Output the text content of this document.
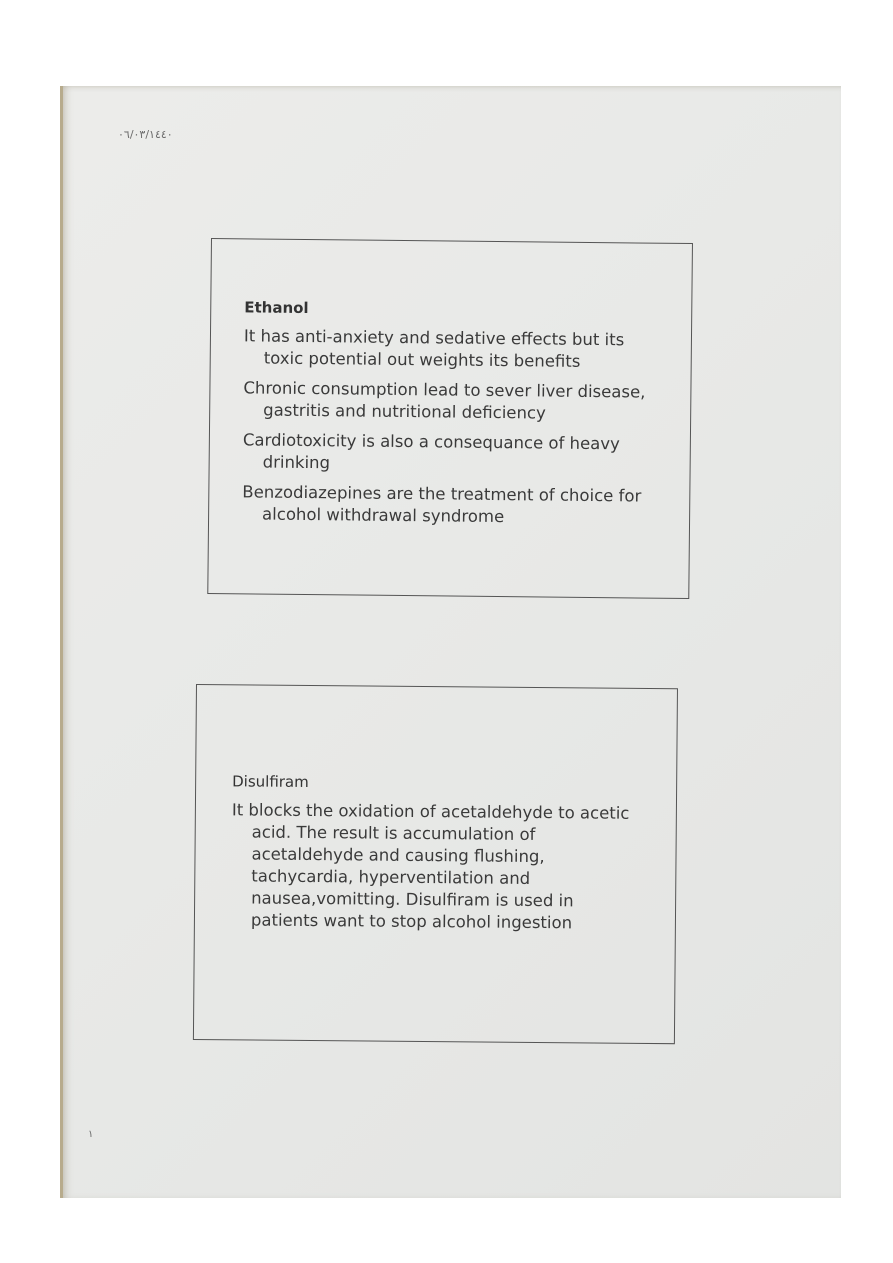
٠٦/٠٣/١٤٤٠
Ethanol
It has anti-anxiety and sedative effects but its toxic potential out weights its benefits
Chronic consumption lead to sever liver disease, gastritis and nutritional deficiency
Cardiotoxicity is also a consequance of heavy drinking
Benzodiazepines are the treatment of choice for alcohol withdrawal syndrome
Disulfiram
It blocks the oxidation of acetaldehyde to acetic acid. The result is accumulation of acetaldehyde and causing flushing, tachycardia, hyperventilation and nausea,vomitting. Disulfiram is used in patients want to stop alcohol ingestion
١
